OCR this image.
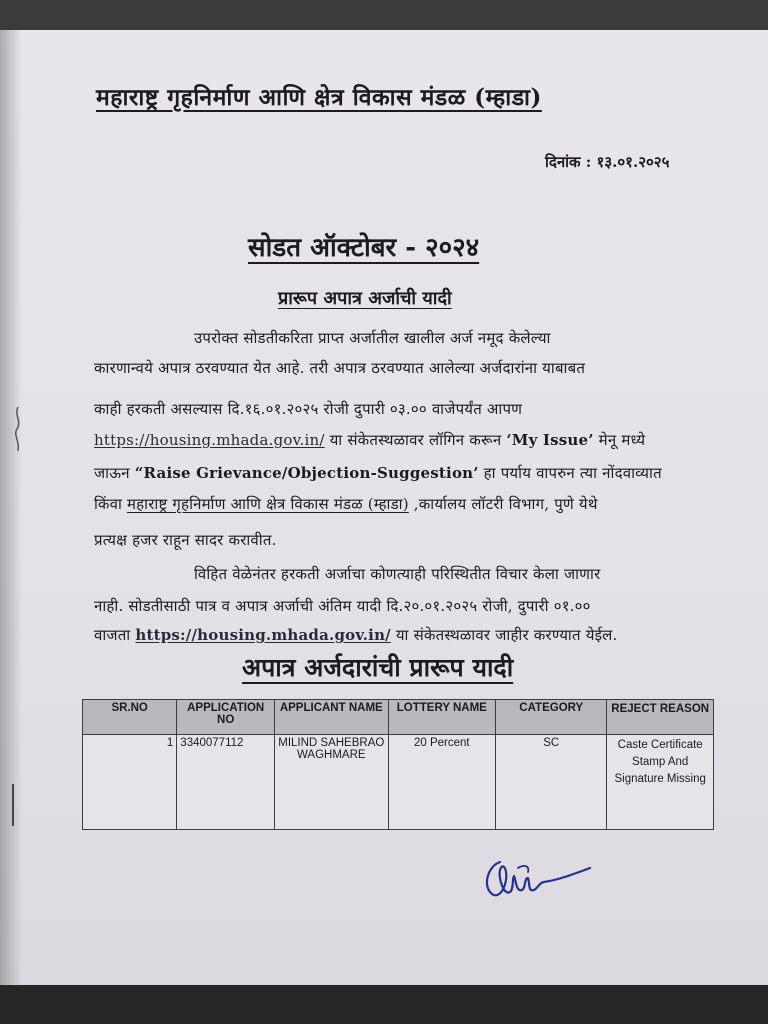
महाराष्ट्र गृहनिर्माण आणि क्षेत्र विकास मंडळ (म्हाडा)
दिनांक : १३.०१.२०२५
सोडत ऑक्टोबर - २०२४
प्रारूप अपात्र अर्जाची यादी
उपरोक्त सोडतीकरिता प्राप्त अर्जातील खालील अर्ज नमूद केलेल्या
कारणान्वये अपात्र ठरवण्यात येत आहे. तरी अपात्र ठरवण्यात आलेल्या अर्जदारांना याबाबत
काही हरकती असल्यास दि.१६.०१.२०२५ रोजी दुपारी ०३.०० वाजेपर्यंत आपण
https://housing.mhada.gov.in/ या संकेतस्थळावर लॉगिन करून ‘My Issue’ मेनू मध्ये
जाऊन “Raise Grievance/Objection-Suggestion’ हा पर्याय वापरुन त्या नोंदवाव्यात
किंवा महाराष्ट्र गृहनिर्माण आणि क्षेत्र विकास मंडळ (म्हाडा) ,कार्यालय लॉटरी विभाग, पुणे येथे
प्रत्यक्ष हजर राहून सादर करावीत.
विहित वेळेनंतर हरकती अर्जाचा कोणत्याही परिस्थितीत विचार केला जाणार
नाही. सोडतीसाठी पात्र व अपात्र अर्जाची अंतिम यादी दि.२०.०१.२०२५ रोजी, दुपारी ०१.००
वाजता https://housing.mhada.gov.in/ या संकेतस्थळावर जाहीर करण्यात येईल.
अपात्र अर्जदारांची प्रारूप यादी
SR.NO	APPLICATION NO	APPLICANT NAME	LOTTERY NAME	CATEGORY	REJECT REASON
1	3340077112	MILIND SAHEBRAO WAGHMARE	20 Percent	SC	Caste Certificate Stamp And Signature Missing
